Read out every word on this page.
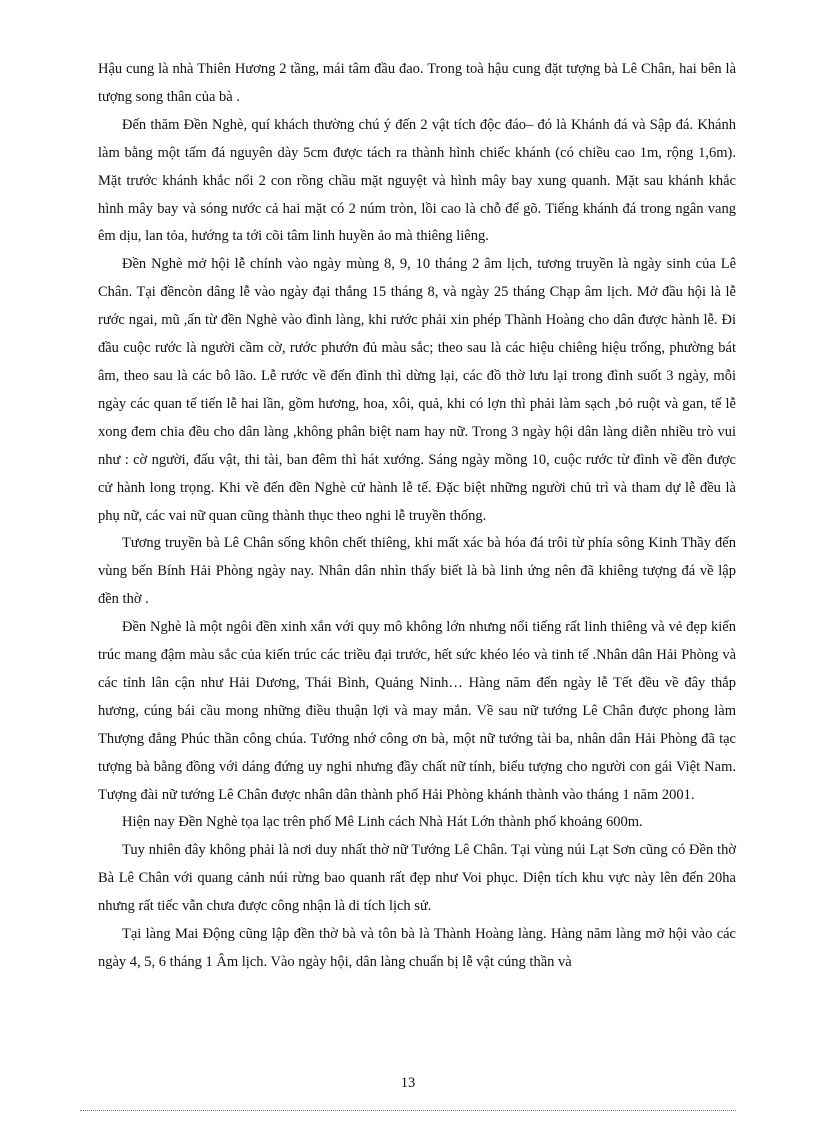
Hậu cung là nhà Thiên Hương 2 tầng, mái tâm đầu đao. Trong toà hậu cung đặt tượng bà Lê Chân, hai bên là tượng song thân của bà .

Đến thăm Đền Nghè, quí khách thường chú ý đến 2 vật tích độc đáo– đó là Khánh đá và Sập đá. Khánh làm bằng một tấm đá nguyên dày 5cm được tách ra thành hình chiếc khánh (có chiều cao 1m, rộng 1,6m). Mặt trước khánh khắc nổi 2 con rồng chầu mặt nguyệt và hình mây bay xung quanh. Mặt sau khánh khắc hình mây bay và sóng nước cả hai mặt có 2 núm tròn, lồi cao là chỗ để gõ. Tiếng khánh đá trong ngân vang êm dịu, lan tỏa, hướng ta tới cõi tâm linh huyền ảo mà thiêng liêng.

Đền Nghè mở hội lễ chính vào ngày mùng 8, 9, 10 tháng 2 âm lịch, tương truyền là ngày sinh của Lê Chân. Tại đềncòn dâng lễ vào ngày đại thắng 15 tháng 8, và ngày 25 tháng Chạp âm lịch. Mở đầu hội là lễ rước ngai, mũ ,ấn từ đền Nghè vào đình làng, khi rước phải xin phép Thành Hoàng cho dân được hành lễ. Đi đầu cuộc rước là người cầm cờ, rước phướn đủ màu sắc; theo sau là các hiệu chiêng hiệu trống, phường bát âm, theo sau là các bô lão. Lễ rước về đến đình thì dừng lại, các đồ thờ lưu lại trong đình suốt 3 ngày, mỗi ngày các quan tế tiến lễ hai lần, gồm hương, hoa, xôi, quả, khi có lợn thì phải làm sạch ,bỏ ruột và gan, tế lễ xong đem chia đều cho dân làng ,không phân biệt nam hay nữ. Trong 3 ngày hội dân làng diễn nhiều trò vui như : cờ người, đấu vật, thi tài, ban đêm thì hát xướng. Sáng ngày mồng 10, cuộc rước từ đình về đền được cử hành long trọng. Khi về đến đền Nghè cử hành lễ tế. Đặc biệt những người chủ trì và tham dự lễ đều là phụ nữ, các vai nữ quan cũng thành thục theo nghi lễ truyền thống.

Tương truyền bà Lê Chân sống khôn chết thiêng, khi mất xác bà hóa đá trôi từ phía sông Kinh Thầy đến vùng bến Bính Hải Phòng ngày nay. Nhân dân nhìn thấy biết là bà linh ứng nên đã khiêng tượng đá về lập đền thờ .

Đền Nghè là một ngôi đền xinh xắn với quy mô không lớn nhưng nổi tiếng rất linh thiêng và vẻ đẹp kiến trúc mang đậm màu sắc của kiến trúc các triều đại trước, hết sức khéo léo và tinh tế .Nhân dân Hải Phòng và các tỉnh lân cận như Hải Dương, Thái Bình, Quảng Ninh… Hàng năm đến ngày lễ Tết đều về đây thắp hương, cúng bái cầu mong những điều thuận lợi và may mắn. Về sau nữ tướng Lê Chân được phong làm Thượng đẳng Phúc thần công chúa. Tưởng nhớ công ơn bà, một nữ tướng tài ba, nhân dân Hải Phòng đã tạc tượng bà bằng đồng với dáng đứng uy nghi nhưng đầy chất nữ tính, biểu tượng cho người con gái Việt Nam. Tượng đài nữ tướng Lê Chân được nhân dân thành phố Hải Phòng khánh thành vào tháng 1 năm 2001.

Hiện nay Đền Nghè tọa lạc trên phố Mê Linh cách Nhà Hát Lớn thành phố khoảng 600m.

Tuy nhiên đây không phải là nơi duy nhất thờ nữ Tướng Lê Chân. Tại vùng núi Lạt Sơn cũng có Đền thờ Bà Lê Chân với quang cảnh núi rừng bao quanh rất đẹp như Voi phục. Diện tích khu vực này lên đến 20ha nhưng rất tiếc vẫn chưa được công nhận là di tích lịch sử.

Tại làng Mai Động cũng lập đền thờ bà và tôn bà là Thành Hoàng làng. Hàng năm làng mở hội vào các ngày 4, 5, 6 tháng 1 Âm lịch. Vào ngày hội, dân làng chuẩn bị lễ vật cúng thần và

13
